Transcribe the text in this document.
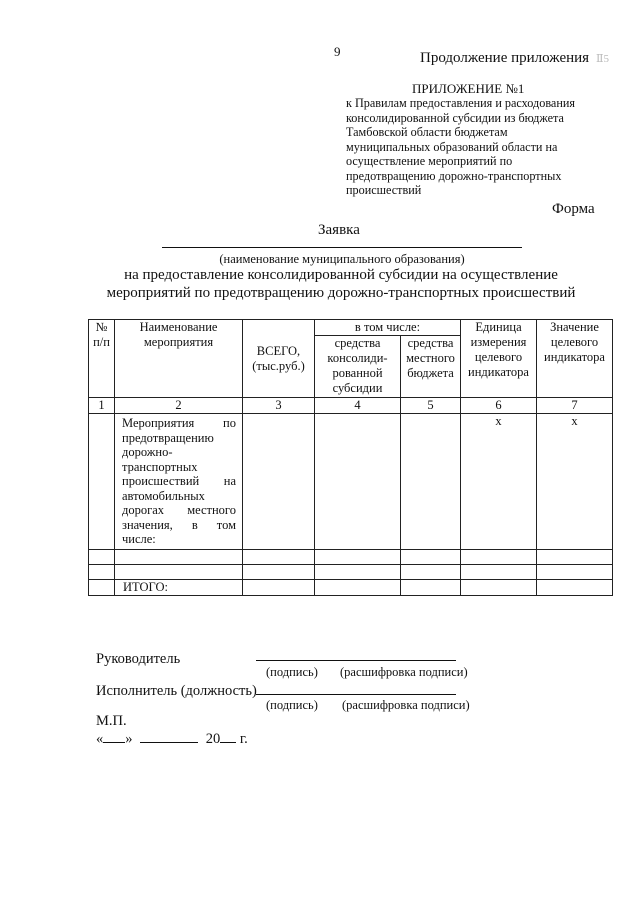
9	Продолжение приложения Ⅱ5
ПРИЛОЖЕНИЕ №1
к Правилам предоставления и расходования
консолидированной субсидии из бюджета
Тамбовской области бюджетам
муниципальных образований области на
осуществление мероприятий по
предотвращению дорожно-транспортных
происшествий
Форма
Заявка
(наименование муниципального образования)
на предоставление консолидированной субсидии на осуществление
мероприятий по предотвращению дорожно-транспортных происшествий
№ п/п	Наименование мероприятия	ВСЕГО, (тыс.руб.)	в том числе:		Единица измерения целевого индикатора	Значение целевого индикатора
			средства консолиди-рованной субсидии	средства местного бюджета		
1	2	3	4	5	6	7
	Мероприятия по предотвращению дорожно-транспортных происшествий на автомобильных дорогах местного значения, в том числе:				х	х

	ИТОГО:					
Руководитель
(подпись) (расшифровка подписи)
Исполнитель (должность)
(подпись) (расшифровка подписи)
М.П.
« »	20 г.
